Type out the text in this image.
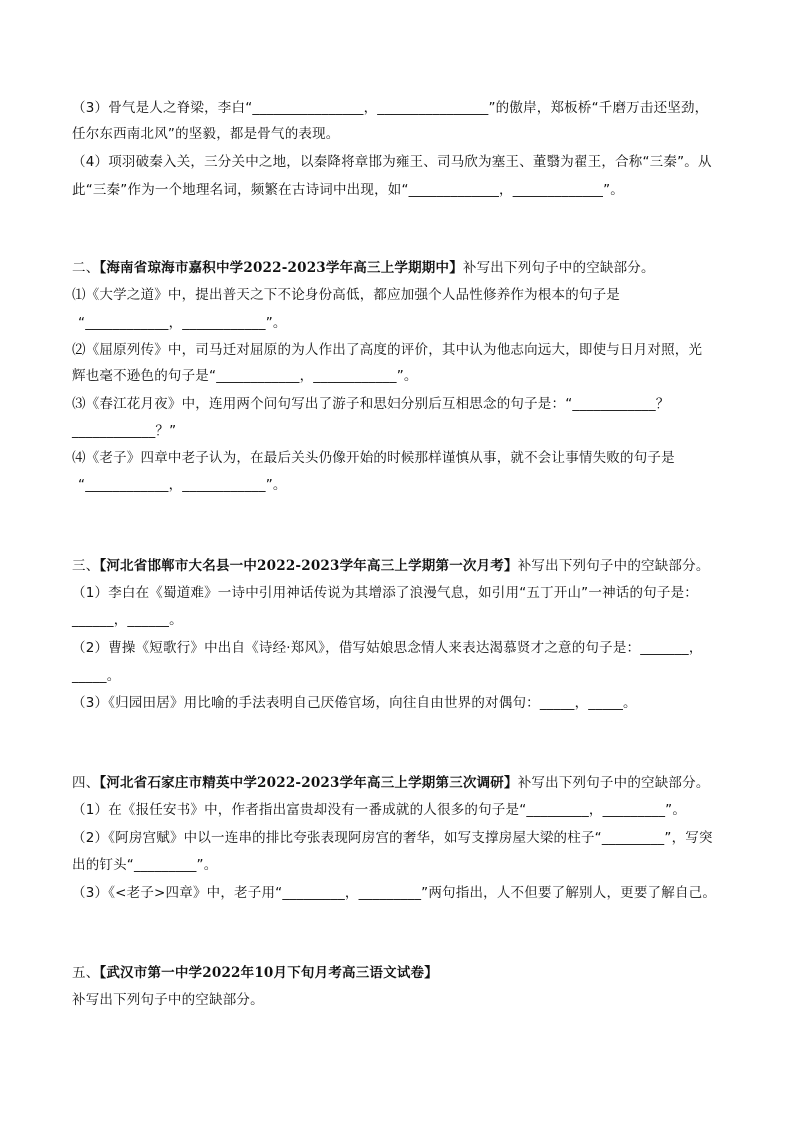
（3）骨气是人之脊梁，李白“________________，________________”的傲岸，郑板桥“千磨万击还坚劲，
任尔东西南北风”的坚毅，都是骨气的表现。
（4）项羽破秦入关，三分关中之地，以秦降将章邯为雍王、司马欣为塞王、董翳为翟王，合称“三秦”。从
此“三秦”作为一个地理名词，频繁在古诗词中出现，如“_____________，_____________”。
二、【海南省琼海市嘉积中学2022-2023学年高三上学期期中】补写出下列句子中的空缺部分。
⑴《大学之道》中，提出普天之下不论身份高低，都应加强个人品性修养作为根本的句子是
“____________，____________”。
⑵《屈原列传》中，司马迁对屈原的为人作出了高度的评价，其中认为他志向远大，即使与日月对照，光
辉也毫不逊色的句子是“____________，____________”。
⑶《春江花月夜》中，连用两个问句写出了游子和思妇分别后互相思念的句子是：“____________？
____________？”
⑷《老子》四章中老子认为，在最后关头仍像开始的时候那样谨慎从事，就不会让事情失败的句子是
“____________，____________”。
三、【河北省邯郸市大名县一中2022-2023学年高三上学期第一次月考】补写出下列句子中的空缺部分。
（1）李白在《蜀道难》一诗中引用神话传说为其增添了浪漫气息，如引用“五丁开山”一神话的句子是：
______，______。
（2）曹操《短歌行》中出自《诗经·郑风》，借写姑娘思念情人来表达渴慕贤才之意的句子是：_______，
_____。
（3）《归园田居》用比喻的手法表明自己厌倦官场，向往自由世界的对偶句：_____，_____。
四、【河北省石家庄市精英中学2022-2023学年高三上学期第三次调研】补写出下列句子中的空缺部分。
（1）在《报任安书》中，作者指出富贵却没有一番成就的人很多的句子是“_________，_________”。
（2）《阿房宫赋》中以一连串的排比夸张表现阿房宫的奢华，如写支撑房屋大梁的柱子“_________”，写突
出的钉头“_________”。
（3）《<老子>四章》中，老子用“_________，_________”两句指出，人不但要了解别人，更要了解自己。
五、【武汉市第一中学2022年10月下旬月考高三语文试卷】
补写出下列句子中的空缺部分。
